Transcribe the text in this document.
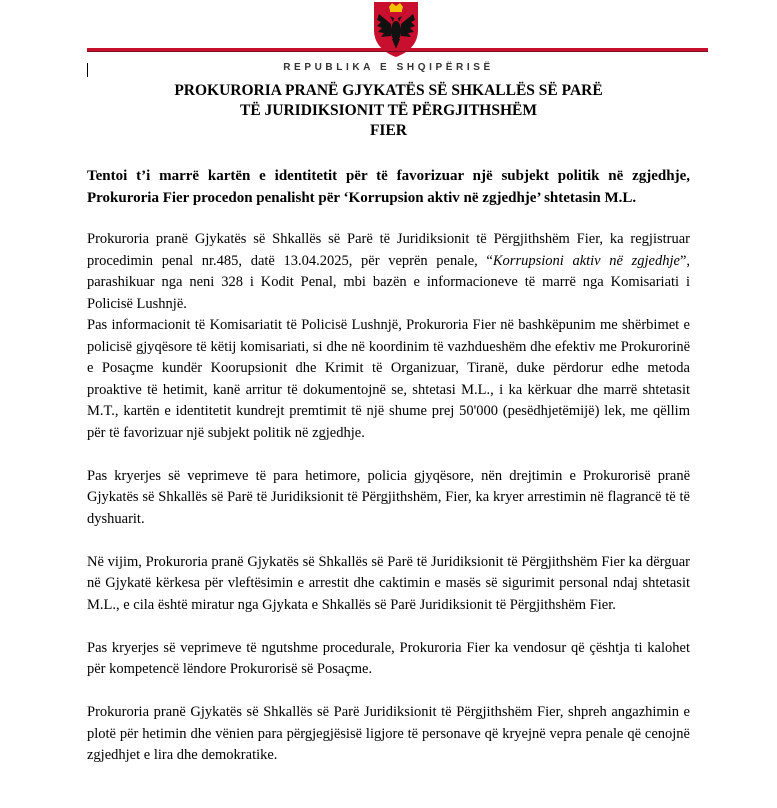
REPUBLIKA E SHQIPËRISË
PROKURORIA PRANË GJYKATËS SË SHKALLËS SË PARË
TË JURIDIKSIONIT TË PËRGJITHSHËM
FIER
Tentoi t’i marrë kartën e identitetit për të favorizuar një subjekt politik në zgjedhje, Prokuroria Fier procedon penalisht për ‘Korrupsion aktiv në zgjedhje’ shtetasin M.L.

Prokuroria pranë Gjykatës së Shkallës së Parë të Juridiksionit të Përgjithshëm Fier, ka regjistruar procedimin penal nr.485, datë 13.04.2025, për veprën penale, “Korrupsioni aktiv në zgjedhje”, parashikuar nga neni 328 i Kodit Penal, mbi bazën e informacioneve të marrë nga Komisariati i Policisë Lushnjë.

Pas informacionit të Komisariatit të Policisë Lushnjë, Prokuroria Fier në bashkëpunim me shërbimet e policisë gjyqësore të këtij komisariati, si dhe në koordinim të vazhdueshëm dhe efektiv me Prokurorinë e Posaçme kundër Koorupsionit dhe Krimit të Organizuar, Tiranë, duke përdorur edhe metoda proaktive të hetimit, kanë arritur të dokumentojnë se, shtetasi M.L., i ka kërkuar dhe marrë shtetasit M.T., kartën e identitetit kundrejt premtimit të një shume prej 50'000 (pesëdhjetëmijë) lek, me qëllim për të favorizuar një subjekt politik në zgjedhje.

Pas kryerjes së veprimeve të para hetimore, policia gjyqësore, nën drejtimin e Prokurorisë pranë Gjykatës së Shkallës së Parë të Juridiksionit të Përgjithshëm, Fier, ka kryer arrestimin në flagrancë të të dyshuarit.

Në vijim, Prokuroria pranë Gjykatës së Shkallës së Parë të Juridiksionit të Përgjithshëm Fier ka dërguar në Gjykatë kërkesa për vleftësimin e arrestit dhe caktimin e masës së sigurimit personal ndaj shtetasit M.L., e cila është miratur nga Gjykata e Shkallës së Parë Juridiksionit të Përgjithshëm Fier.

Pas kryerjes së veprimeve të ngutshme procedurale, Prokuroria Fier ka vendosur që çështja ti kalohet për kompetencë lëndore Prokurorisë së Posaçme.

Prokuroria pranë Gjykatës së Shkallës së Parë Juridiksionit të Përgjithshëm Fier, shpreh angazhimin e plotë për hetimin dhe vënien para përgjegjësisë ligjore të personave që kryejnë vepra penale që cenojnë zgjedhjet e lira dhe demokratike.
